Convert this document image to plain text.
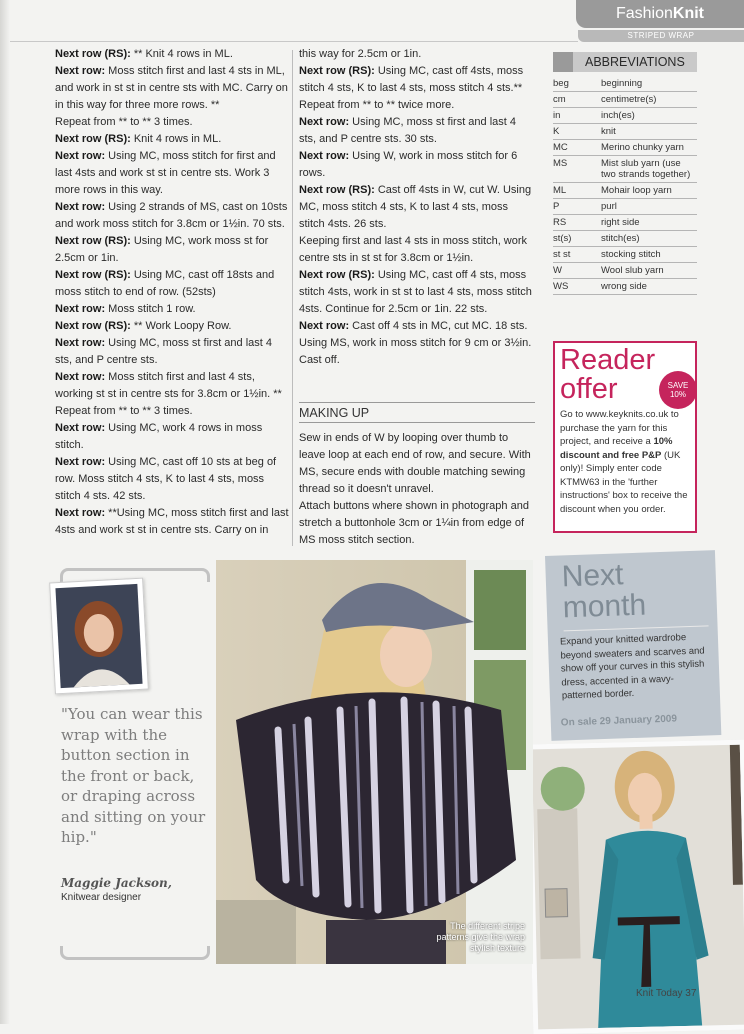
FashionKnit
STRIPED WRAP

Next row (RS): ** Knit 4 rows in ML.

Next row: Moss stitch first and last 4 sts in ML, and work in st st in centre sts with MC. Carry on in this way for three more rows. **

Repeat from ** to ** 3 times.

Next row (RS): Knit 4 rows in ML.

Next row: Using MC, moss stitch for first and last 4sts and work st st in centre sts. Work 3 more rows in this way.

Next row: Using 2 strands of MS, cast on 10sts and work moss stitch for 3.8cm or 1½in. 70 sts.

Next row (RS): Using MC, work moss st for 2.5cm or 1in.

Next row (RS): Using MC, cast off 18sts and moss stitch to end of row. (52sts)

Next row: Moss stitch 1 row.

Next row (RS): ** Work Loopy Row.

Next row: Using MC, moss st first and last 4 sts, and P centre sts.

Next row: Moss stitch first and last 4 sts, working st st in centre sts for 3.8cm or 1½in. **

Repeat from ** to ** 3 times.

Next row: Using MC, work 4 rows in moss stitch.

Next row: Using MC, cast off 10 sts at beg of row. Moss stitch 4 sts, K to last 4 sts, moss stitch 4 sts. 42 sts.

Next row: **Using MC, moss stitch first and last 4sts and work st st in centre sts. Carry on in

this way for 2.5cm or 1in.

Next row (RS): Using MC, cast off 4sts, moss stitch 4 sts, K to last 4 sts, moss stitch 4 sts.**

Repeat from ** to ** twice more.

Next row: Using MC, moss st first and last 4 sts, and P centre sts. 30 sts.

Next row: Using W, work in moss stitch for 6 rows.

Next row (RS): Cast off 4sts in W, cut W. Using MC, moss stitch 4 sts, K to last 4 sts, moss stitch 4sts. 26 sts.

Keeping first and last 4 sts in moss stitch, work centre sts in st st for 3.8cm or 1½in.

Next row (RS): Using MC, cast off 4 sts, moss stitch 4sts, work in st st to last 4 sts, moss stitch 4sts. Continue for 2.5cm or 1in. 22 sts.

Next row: Cast off 4 sts in MC, cut MC. 18 sts. Using MS, work in moss stitch for 9 cm or 3½in. Cast off.

MAKING UP

Sew in ends of W by looping over thumb to leave loop at each end of row, and secure. With MS, secure ends with double matching sewing thread so it doesn't unravel.

Attach buttons where shown in photograph and stretch a buttonhole 3cm or 1¼in from edge of MS moss stitch section.

ABBREVIATIONS
beg	beginning
cm	centimetre(s)
in	inch(es)
K	knit
MC	Merino chunky yarn
MS	Mist slub yarn (use two strands together)
ML	Mohair loop yarn
P	purl
RS	right side
st(s)	stitch(es)
st st	stocking stitch
W	Wool slub yarn
WS	wrong side
Reader
offer	SAVE
10%
Go to www.keyknits.co.uk to purchase the yarn for this project, and receive a 10% discount and free P&P (UK only)! Simply enter code KTMW63 in the 'further instructions' box to receive the discount when you order.
Next
month
Expand your knitted wardrobe beyond sweaters and scarves and show off your curves in this stylish dress, accented in a wavy-patterned border.
On sale 29 January 2009
"You can wear this wrap with the button section in the front or back, or draping across and sitting on your hip."
Maggie Jackson,
Knitwear designer
The different stripe patterns give the wrap stylish texture
Knit Today 37
